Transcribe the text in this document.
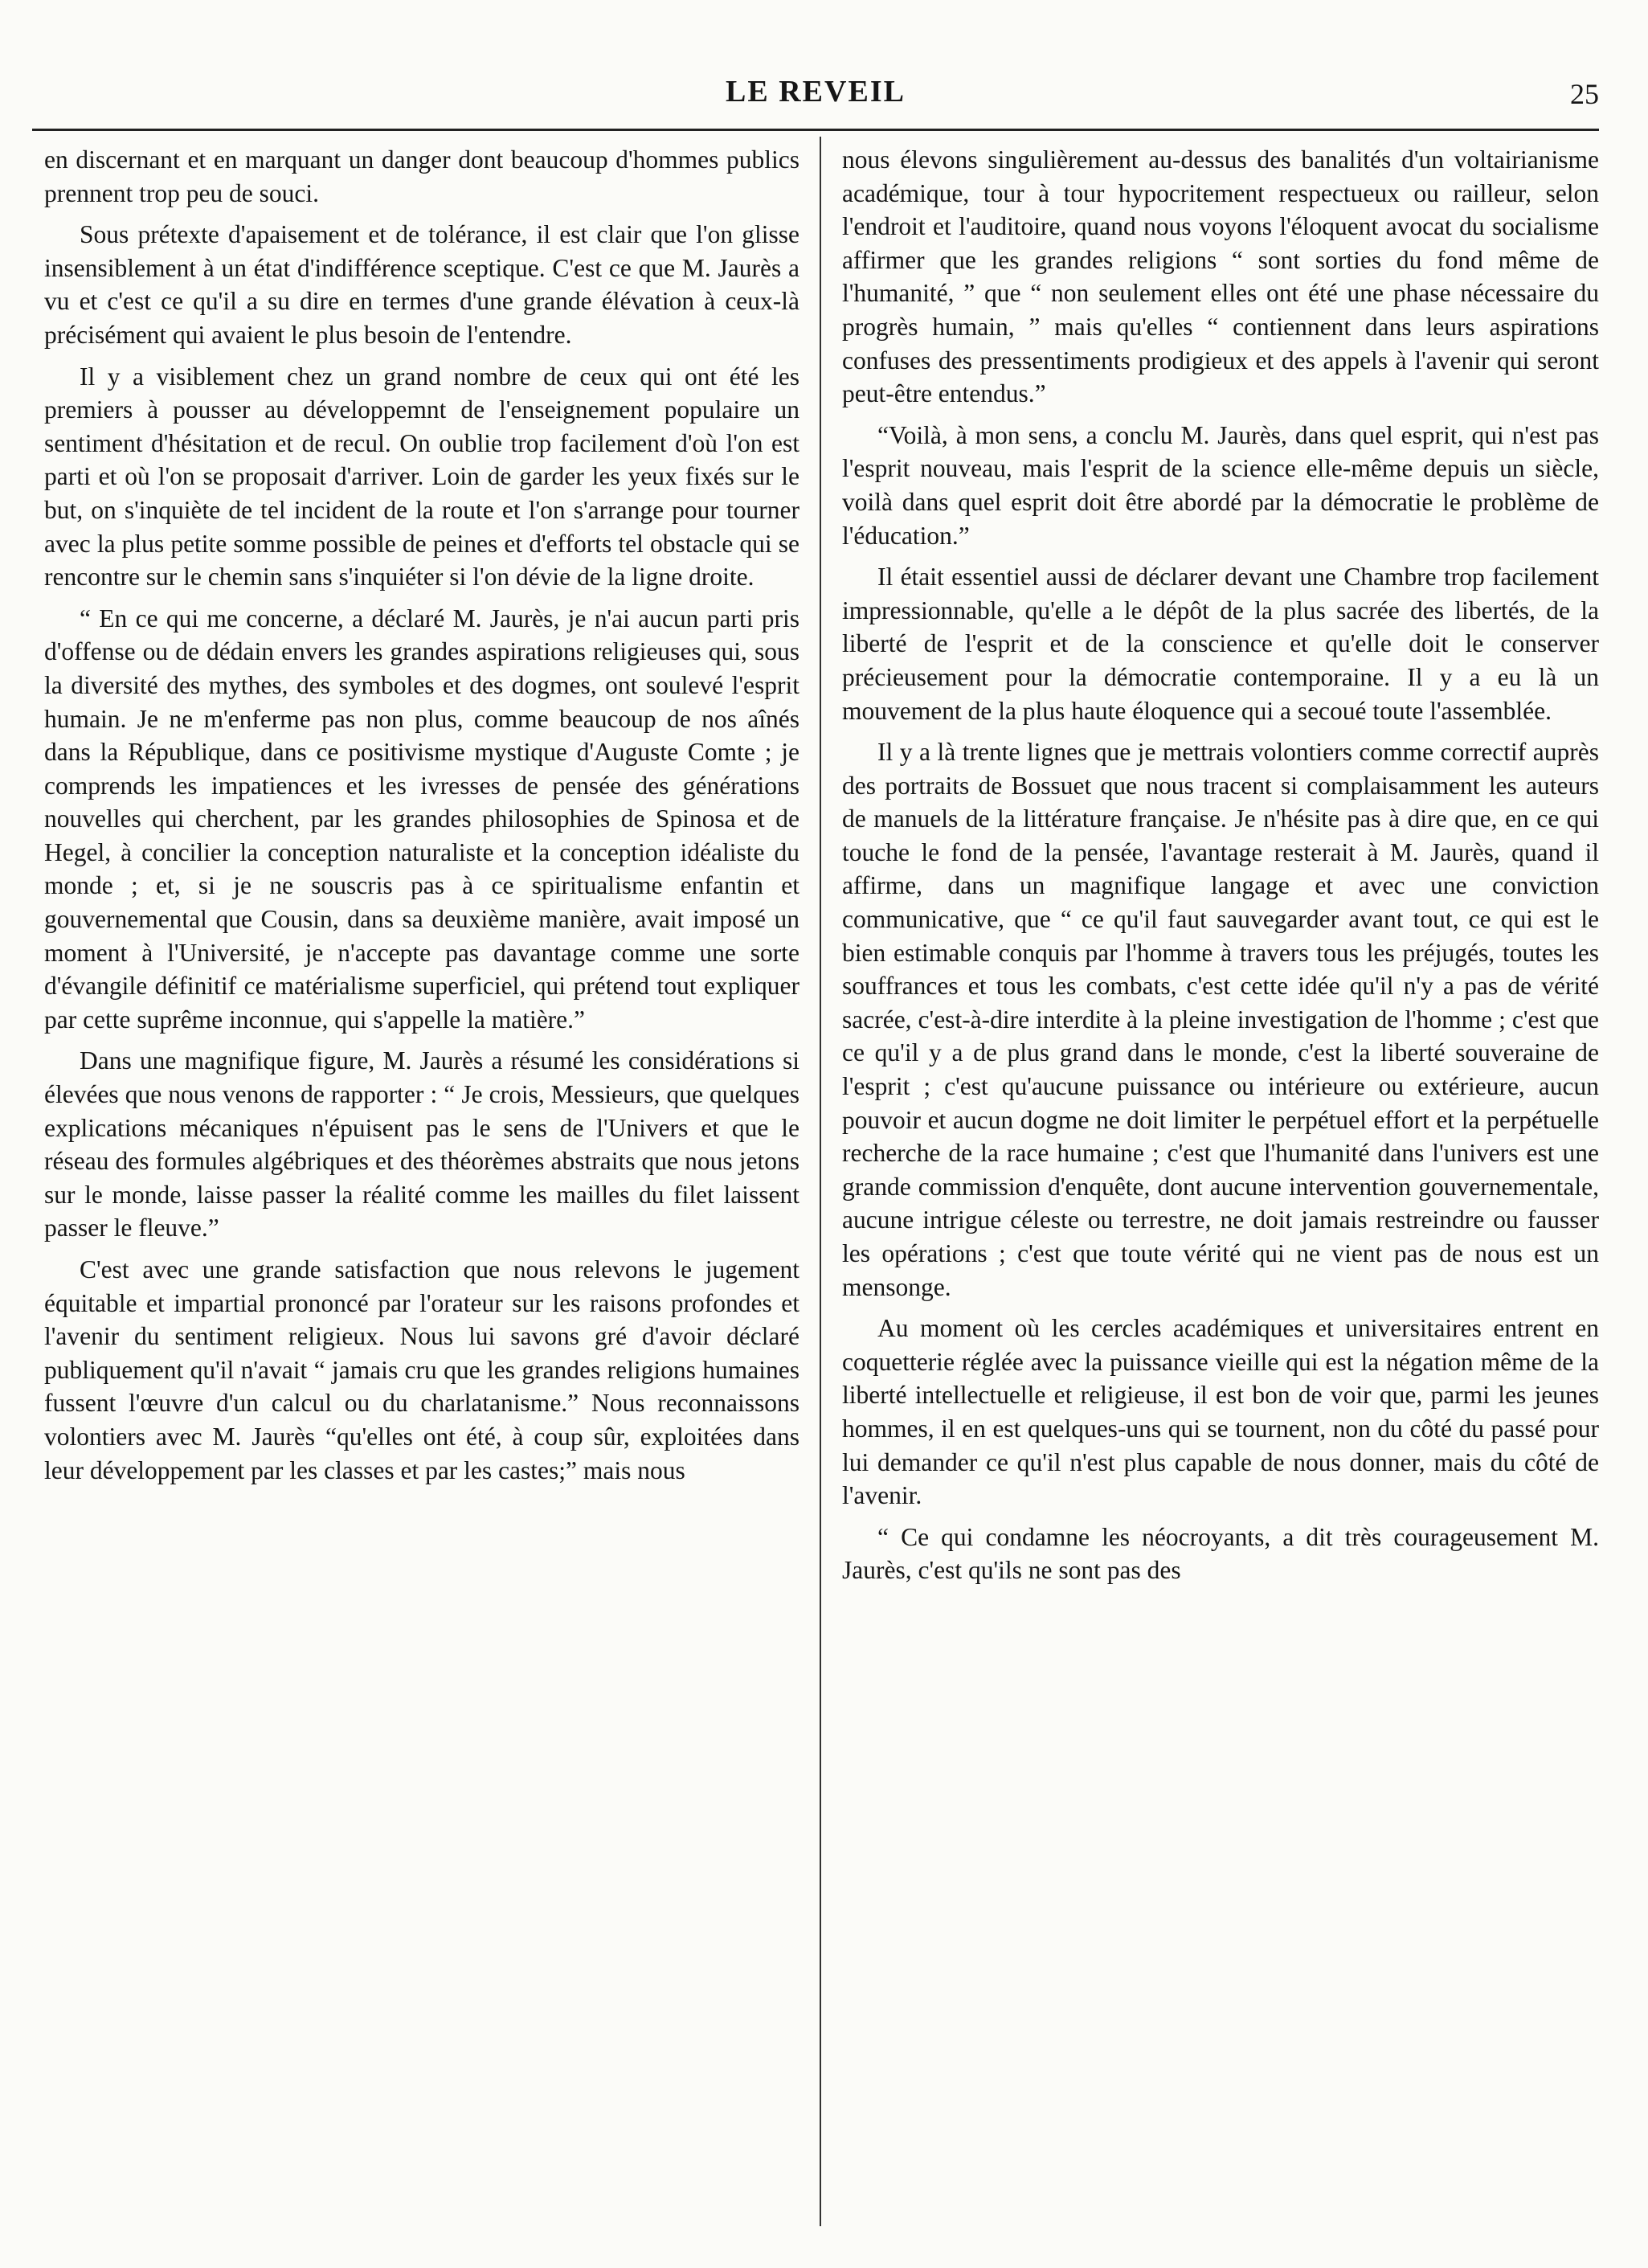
LE REVEIL	25

en discernant et en marquant un danger dont beaucoup d'hommes publics prennent trop peu de souci.

Sous prétexte d'apaisement et de tolérance, il est clair que l'on glisse insensiblement à un état d'indifférence sceptique. C'est ce que M. Jaurès a vu et c'est ce qu'il a su dire en termes d'une grande élévation à ceux-là précisément qui avaient le plus besoin de l'entendre.

Il y a visiblement chez un grand nombre de ceux qui ont été les premiers à pousser au développemnt de l'enseignement populaire un sentiment d'hésitation et de recul. On oublie trop facilement d'où l'on est parti et où l'on se proposait d'arriver. Loin de garder les yeux fixés sur le but, on s'inquiète de tel incident de la route et l'on s'arrange pour tourner avec la plus petite somme possible de peines et d'efforts tel obstacle qui se rencontre sur le chemin sans s'inquiéter si l'on dévie de la ligne droite.

“ En ce qui me concerne, a déclaré M. Jaurès, je n'ai aucun parti pris d'offense ou de dédain envers les grandes aspirations religieuses qui, sous la diversité des mythes, des symboles et des dogmes, ont soulevé l'esprit humain. Je ne m'enferme pas non plus, comme beaucoup de nos aînés dans la République, dans ce positivisme mystique d'Auguste Comte ; je comprends les impatiences et les ivresses de pensée des générations nouvelles qui cherchent, par les grandes philosophies de Spinosa et de Hegel, à concilier la conception naturaliste et la conception idéaliste du monde ; et, si je ne souscris pas à ce spiritualisme enfantin et gouvernemental que Cousin, dans sa deuxième manière, avait imposé un moment à l'Université, je n'accepte pas davantage comme une sorte d'évangile définitif ce matérialisme superficiel, qui prétend tout expliquer par cette suprême inconnue, qui s'appelle la matière.”

Dans une magnifique figure, M. Jaurès a résumé les considérations si élevées que nous venons de rapporter : “ Je crois, Messieurs, que quelques explications mécaniques n'épuisent pas le sens de l'Univers et que le réseau des formules algébriques et des théorèmes abstraits que nous jetons sur le monde, laisse passer la réalité comme les mailles du filet laissent passer le fleuve.”

C'est avec une grande satisfaction que nous relevons le jugement équitable et impartial prononcé par l'orateur sur les raisons profondes et l'avenir du sentiment religieux. Nous lui savons gré d'avoir déclaré publiquement qu'il n'avait “ jamais cru que les grandes religions humaines fussent l'œuvre d'un calcul ou du charlatanisme.” Nous reconnaissons volontiers avec M. Jaurès “qu'elles ont été, à coup sûr, exploitées dans leur développement par les classes et par les castes;” mais nous

nous élevons singulièrement au-dessus des banalités d'un voltairianisme académique, tour à tour hypocritement respectueux ou railleur, selon l'endroit et l'auditoire, quand nous voyons l'éloquent avocat du socialisme affirmer que les grandes religions “ sont sorties du fond même de l'humanité, ” que “ non seulement elles ont été une phase nécessaire du progrès humain, ” mais qu'elles “ contiennent dans leurs aspirations confuses des pressentiments prodigieux et des appels à l'avenir qui seront peut-être entendus.”

“Voilà, à mon sens, a conclu M. Jaurès, dans quel esprit, qui n'est pas l'esprit nouveau, mais l'esprit de la science elle-même depuis un siècle, voilà dans quel esprit doit être abordé par la démocratie le problème de l'éducation.”

Il était essentiel aussi de déclarer devant une Chambre trop facilement impressionnable, qu'elle a le dépôt de la plus sacrée des libertés, de la liberté de l'esprit et de la conscience et qu'elle doit le conserver précieusement pour la démocratie contemporaine. Il y a eu là un mouvement de la plus haute éloquence qui a secoué toute l'assemblée.

Il y a là trente lignes que je mettrais volontiers comme correctif auprès des portraits de Bossuet que nous tracent si complaisamment les auteurs de manuels de la littérature française. Je n'hésite pas à dire que, en ce qui touche le fond de la pensée, l'avantage resterait à M. Jaurès, quand il affirme, dans un magnifique langage et avec une conviction communicative, que “ ce qu'il faut sauvegarder avant tout, ce qui est le bien estimable conquis par l'homme à travers tous les préjugés, toutes les souffrances et tous les combats, c'est cette idée qu'il n'y a pas de vérité sacrée, c'est-à-dire interdite à la pleine investigation de l'homme ; c'est que ce qu'il y a de plus grand dans le monde, c'est la liberté souveraine de l'esprit ; c'est qu'aucune puissance ou intérieure ou extérieure, aucun pouvoir et aucun dogme ne doit limiter le perpétuel effort et la perpétuelle recherche de la race humaine ; c'est que l'humanité dans l'univers est une grande commission d'enquête, dont aucune intervention gouvernementale, aucune intrigue céleste ou terrestre, ne doit jamais restreindre ou fausser les opérations ; c'est que toute vérité qui ne vient pas de nous est un mensonge.

Au moment où les cercles académiques et universitaires entrent en coquetterie réglée avec la puissance vieille qui est la négation même de la liberté intellectuelle et religieuse, il est bon de voir que, parmi les jeunes hommes, il en est quelques-uns qui se tournent, non du côté du passé pour lui demander ce qu'il n'est plus capable de nous donner, mais du côté de l'avenir.

“ Ce qui condamne les néocroyants, a dit très courageusement M. Jaurès, c'est qu'ils ne sont pas des
